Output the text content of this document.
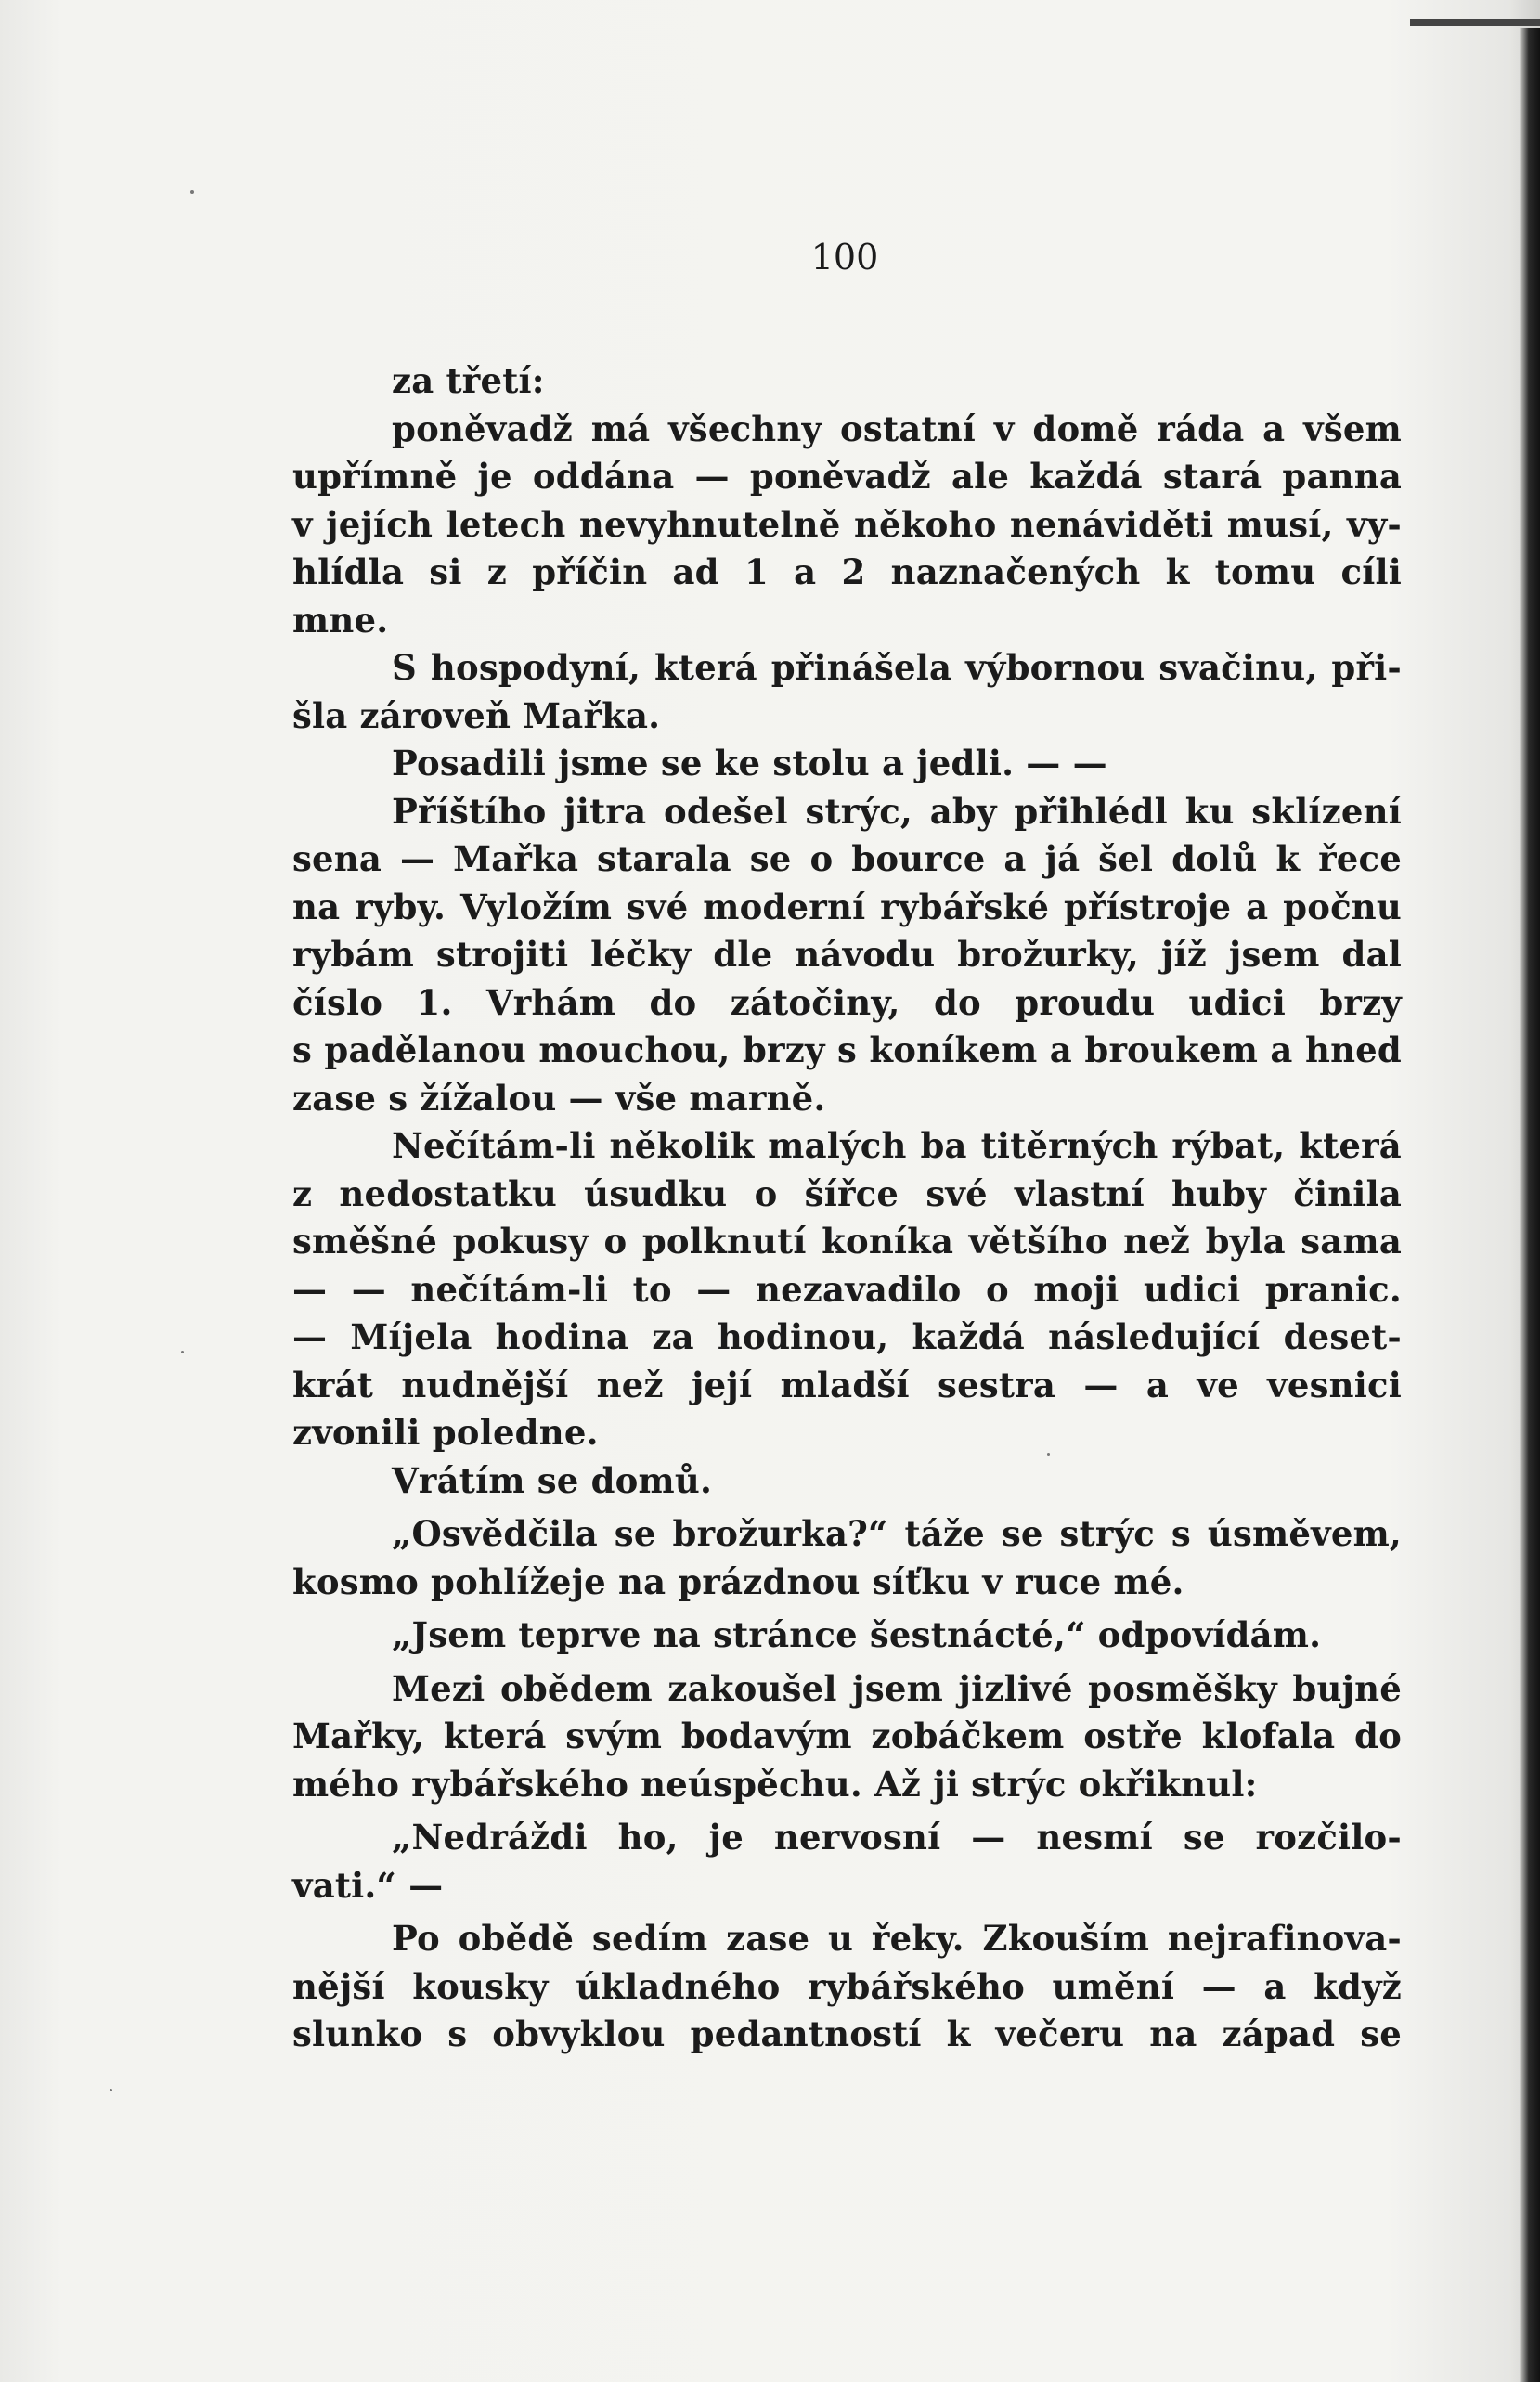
100
za třetí:
poněvadž má všechny ostatní v domě ráda a všem
upřímně je oddána — poněvadž ale každá stará panna
v jejích letech nevyhnutelně někoho nenáviděti musí, vy-
hlídla si z příčin ad 1 a 2 naznačených k tomu cíli
mne.
S hospodyní, která přinášela výbornou svačinu, při-
šla zároveň Mařka.
Posadili jsme se ke stolu a jedli. — —
Příštího jitra odešel strýc, aby přihlédl ku sklízení
sena — Mařka starala se o bource a já šel dolů k řece
na ryby. Vyložím své moderní rybářské přístroje a počnu
rybám strojiti léčky dle návodu brožurky, jíž jsem dal
číslo 1. Vrhám do zátočiny, do proudu udici brzy
s padělanou mouchou, brzy s koníkem a broukem a hned
zase s žížalou — vše marně.
Nečítám-li několik malých ba titěrných rýbat, která
z nedostatku úsudku o šířce své vlastní huby činila
směšné pokusy o polknutí koníka většího než byla sama
— — nečítám-li to — nezavadilo o moji udici pranic.
— Míjela hodina za hodinou, každá následující deset-
krát nudnější než její mladší sestra — a ve vesnici
zvonili poledne.
Vrátím se domů.
„Osvědčila se brožurka?“ táže se strýc s úsměvem,
kosmo pohlížeje na prázdnou síťku v ruce mé.
„Jsem teprve na stránce šestnácté,“ odpovídám.
Mezi obědem zakoušel jsem jizlivé posměšky bujné
Mařky, která svým bodavým zobáčkem ostře klofala do
mého rybářského neúspěchu. Až ji strýc okřiknul:
„Nedráždi ho, je nervosní — nesmí se rozčilo-
vati.“ —
Po obědě sedím zase u řeky. Zkouším nejrafinova-
nější kousky úkladného rybářského umění — a když
slunko s obvyklou pedantností k večeru na západ se
